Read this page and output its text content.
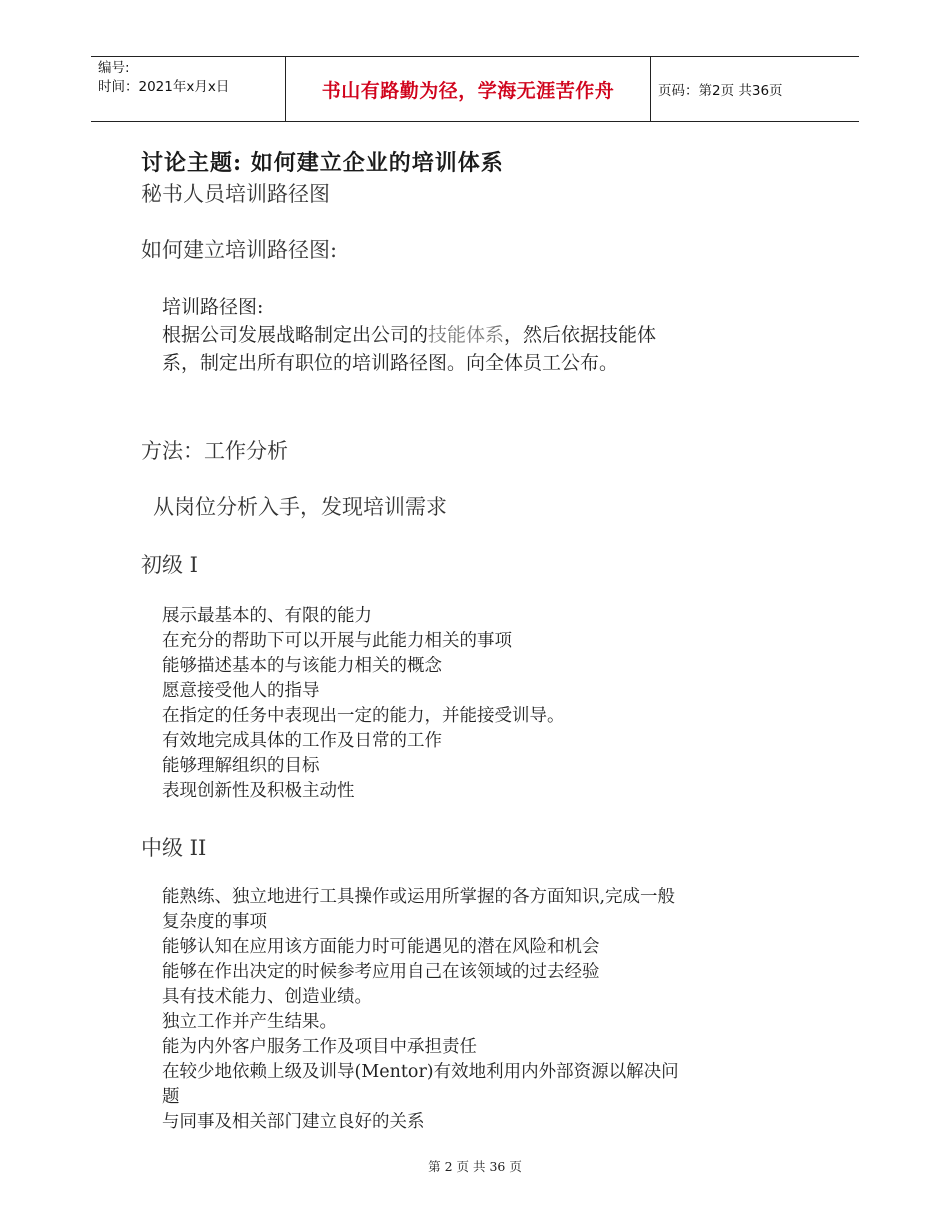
编号:
时间：2021年x月x日	书山有路勤为径，学海无涯苦作舟	页码：第2页 共36页
讨论主题: 如何建立企业的培训体系
秘书人员培训路径图
如何建立培训路径图:
培训路径图:
根据公司发展战略制定出公司的技能体系，然后依据技能体
系，制定出所有职位的培训路径图。向全体员工公布。
方法：工作分析
从岗位分析入手，发现培训需求
初级 I
展示最基本的、有限的能力
在充分的帮助下可以开展与此能力相关的事项
能够描述基本的与该能力相关的概念
愿意接受他人的指导
在指定的任务中表现出一定的能力，并能接受训导。
有效地完成具体的工作及日常的工作
能够理解组织的目标
表现创新性及积极主动性
中级 II
能熟练、独立地进行工具操作或运用所掌握的各方面知识,完成一般
复杂度的事项
能够认知在应用该方面能力时可能遇见的潜在风险和机会
能够在作出决定的时候参考应用自己在该领域的过去经验
具有技术能力、创造业绩。
独立工作并产生结果。
能为内外客户服务工作及项目中承担责任
在较少地依赖上级及训导(Mentor)有效地利用内外部资源以解决问
题
与同事及相关部门建立良好的关系
第 2 页 共 36 页
